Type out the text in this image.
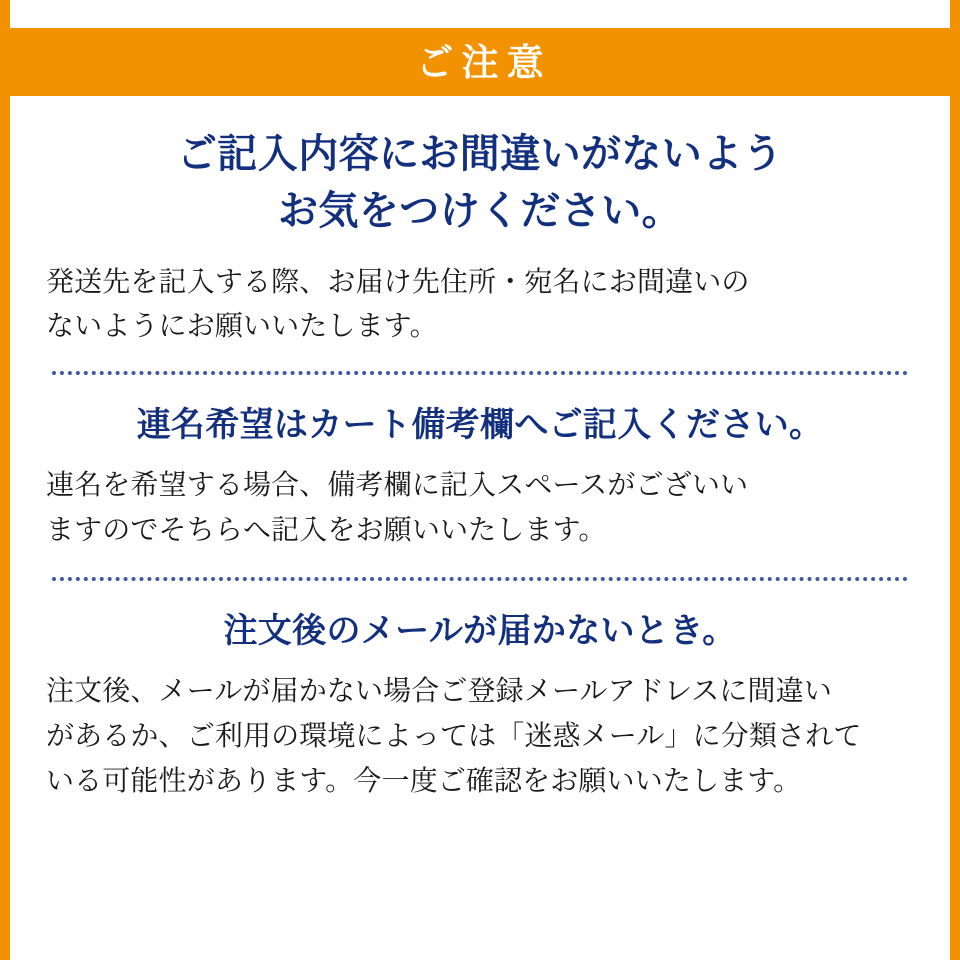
ご注意
ご記入内容にお間違いがないよう
お気をつけください。
発送先を記入する際、お届け先住所・宛名にお間違いの
ないようにお願いいたします。
連名希望はカート備考欄へご記入ください。
連名を希望する場合、備考欄に記入スペースがございい
ますのでそちらへ記入をお願いいたします。
注文後のメールが届かないとき。
注文後、メールが届かない場合ご登録メールアドレスに間違い
があるか、ご利用の環境によっては「迷惑メール」に分類されて
いる可能性があります。今一度ご確認をお願いいたします。
